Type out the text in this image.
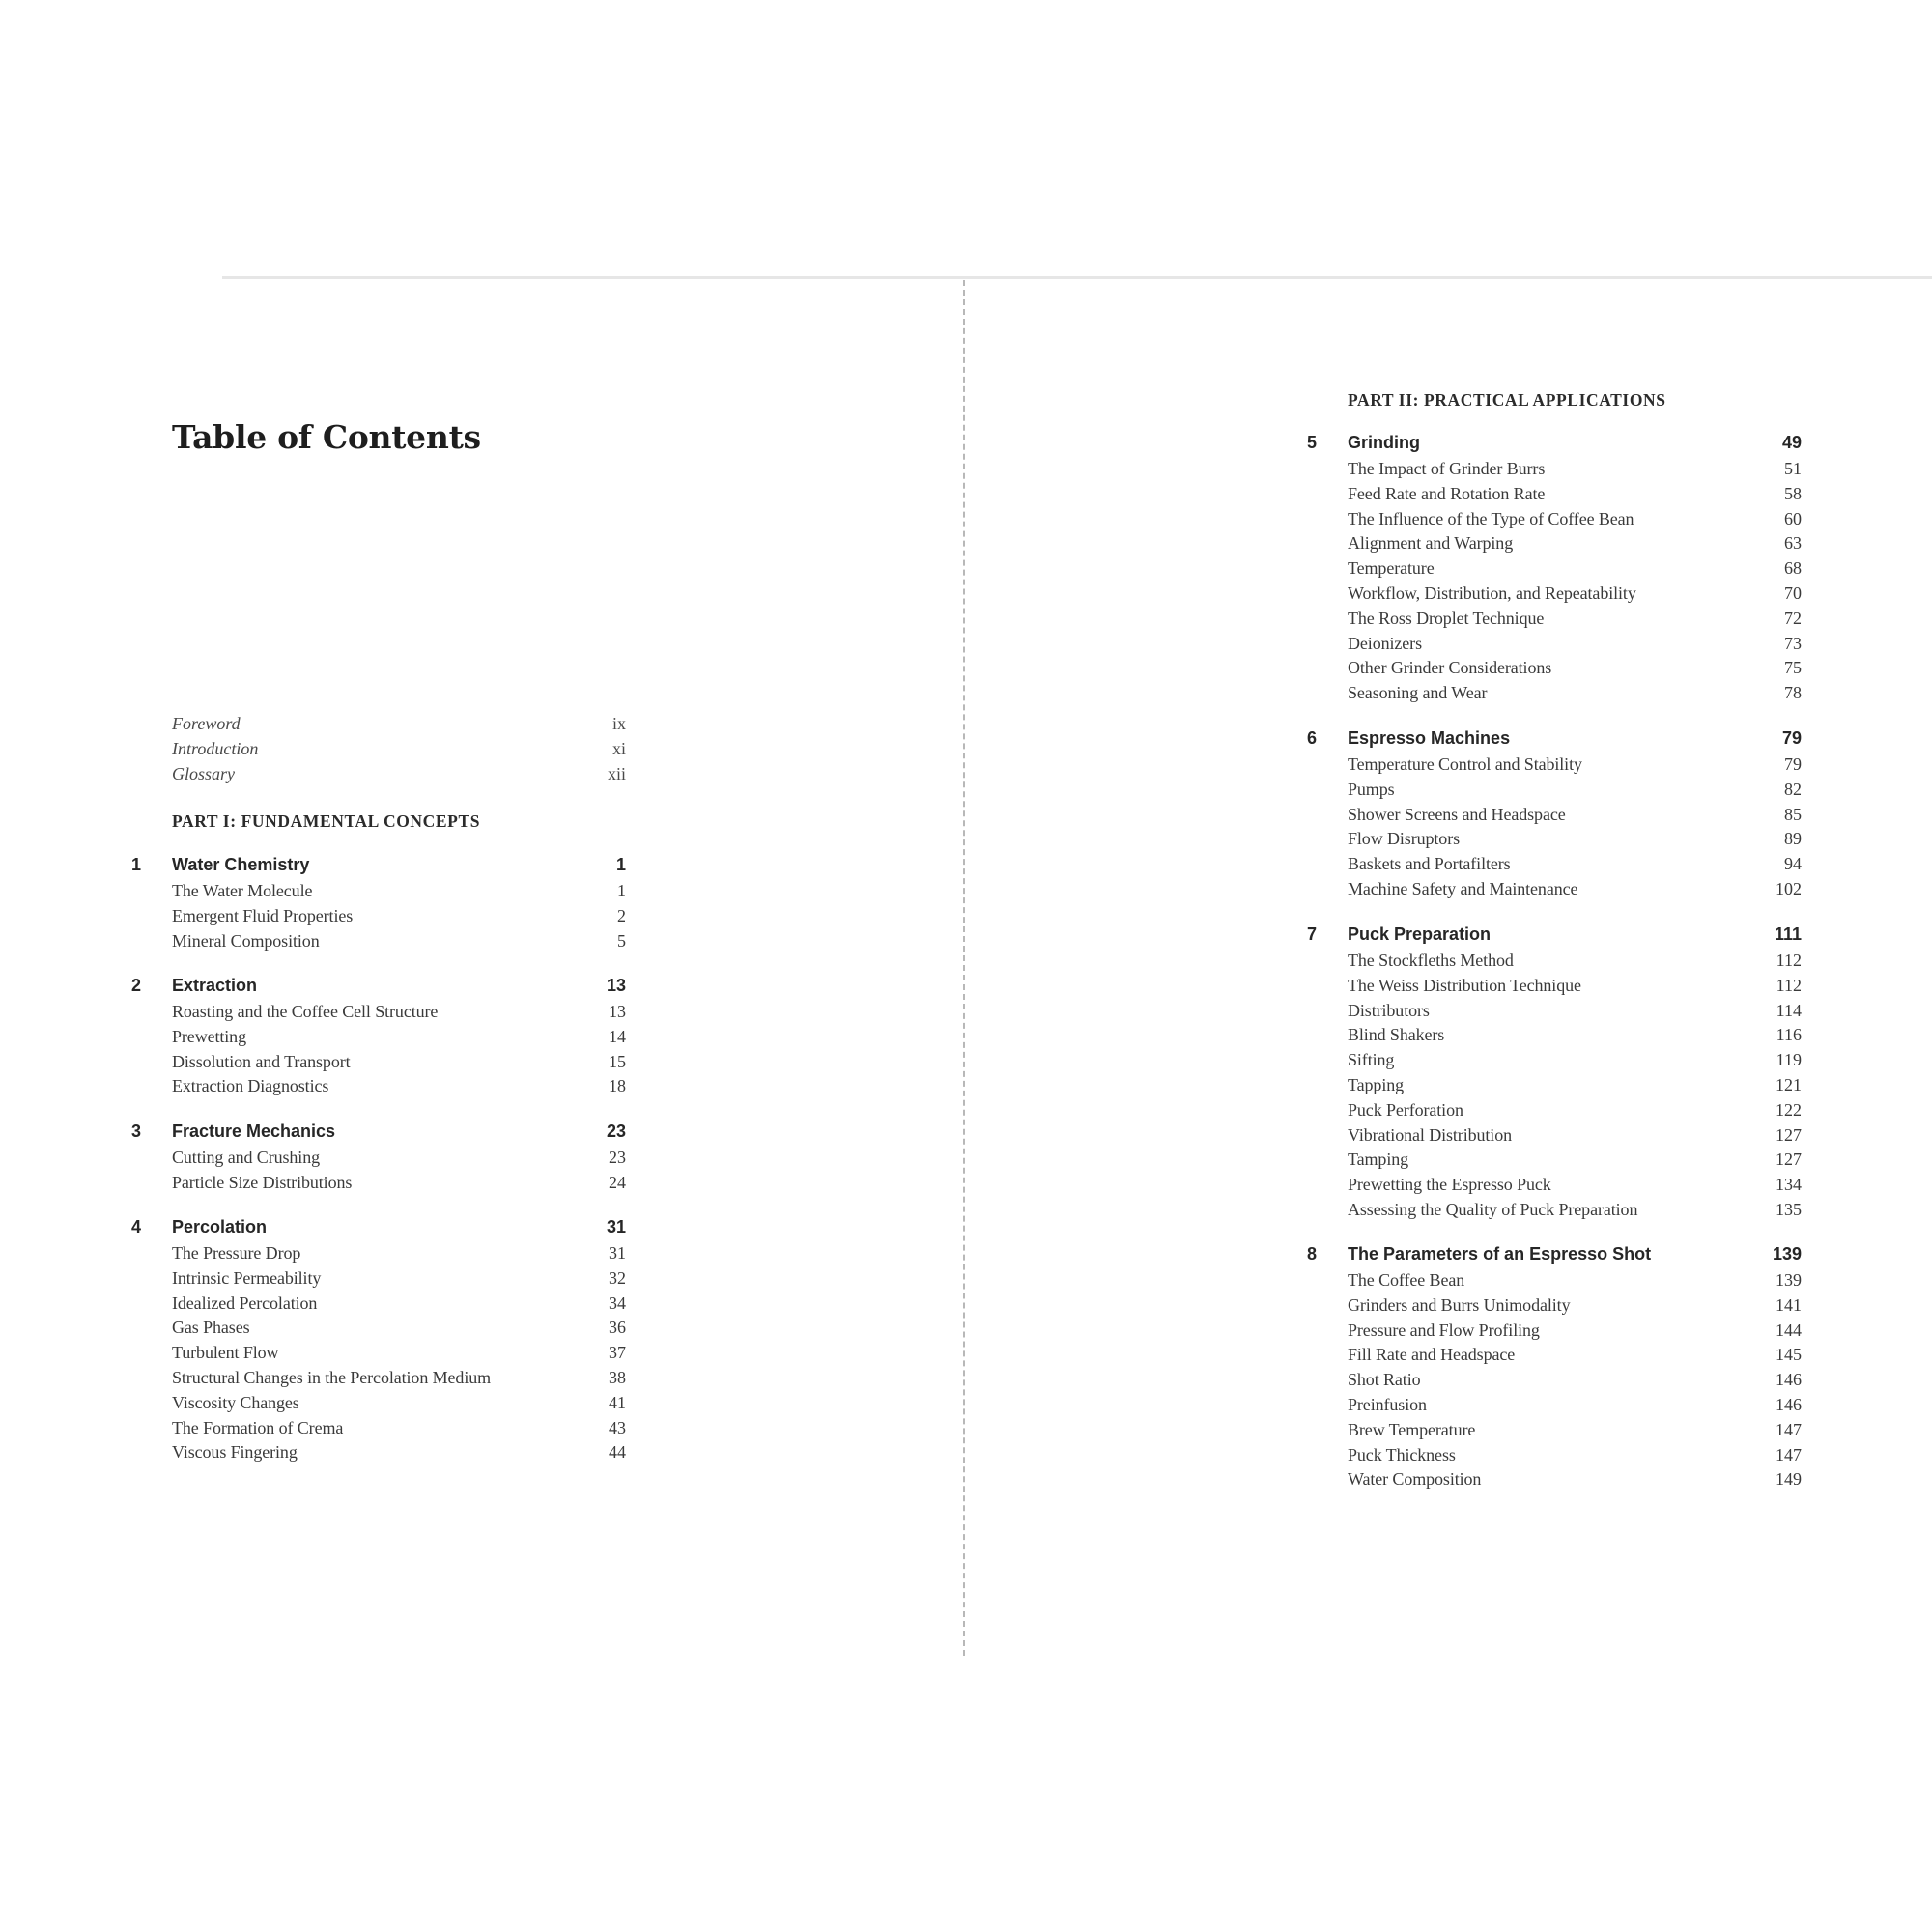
Table of Contents
Foreword	ix
Introduction	xi
Glossary	xii
PART I: FUNDAMENTAL CONCEPTS
1 Water Chemistry	1
The Water Molecule	1
Emergent Fluid Properties	2
Mineral Composition	5
2 Extraction	13
Roasting and the Coffee Cell Structure	13
Prewetting	14
Dissolution and Transport	15
Extraction Diagnostics	18
3 Fracture Mechanics	23
Cutting and Crushing	23
Particle Size Distributions	24
4 Percolation	31
The Pressure Drop	31
Intrinsic Permeability	32
Idealized Percolation	34
Gas Phases	36
Turbulent Flow	37
Structural Changes in the Percolation Medium	38
Viscosity Changes	41
The Formation of Crema	43
Viscous Fingering	44
PART II: PRACTICAL APPLICATIONS
5 Grinding	49
The Impact of Grinder Burrs	51
Feed Rate and Rotation Rate	58
The Influence of the Type of Coffee Bean	60
Alignment and Warping	63
Temperature	68
Workflow, Distribution, and Repeatability	70
The Ross Droplet Technique	72
Deionizers	73
Other Grinder Considerations	75
Seasoning and Wear	78
6 Espresso Machines	79
Temperature Control and Stability	79
Pumps	82
Shower Screens and Headspace	85
Flow Disruptors	89
Baskets and Portafilters	94
Machine Safety and Maintenance	102
7 Puck Preparation	111
The Stockfleths Method	112
The Weiss Distribution Technique	112
Distributors	114
Blind Shakers	116
Sifting	119
Tapping	121
Puck Perforation	122
Vibrational Distribution	127
Tamping	127
Prewetting the Espresso Puck	134
Assessing the Quality of Puck Preparation	135
8 The Parameters of an Espresso Shot	139
The Coffee Bean	139
Grinders and Burrs Unimodality	141
Pressure and Flow Profiling	144
Fill Rate and Headspace	145
Shot Ratio	146
Preinfusion	146
Brew Temperature	147
Puck Thickness	147
Water Composition	149
